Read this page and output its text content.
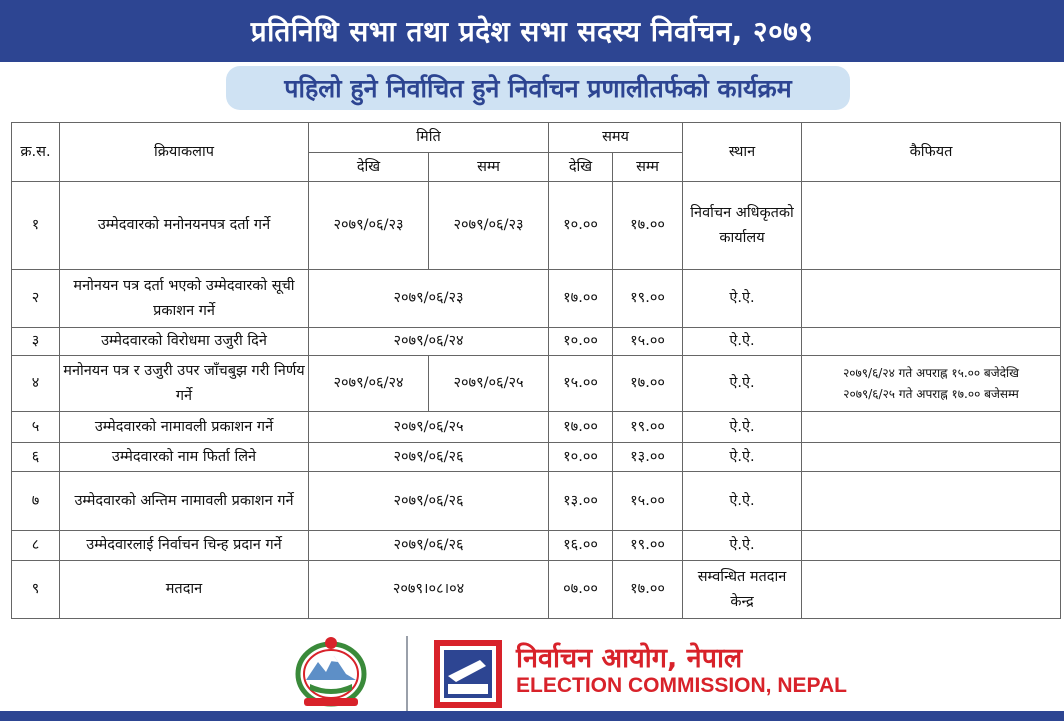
प्रतिनिधि सभा तथा प्रदेश सभा सदस्य निर्वाचन, २०७९
पहिलो हुने निर्वाचित हुने निर्वाचन प्रणालीतर्फको कार्यक्रम
क्र.स.	क्रियाकलाप	मिति		समय		स्थान	कैफियत
		देखि	सम्म	देखि	सम्म		
१	उम्मेदवारको मनोनयनपत्र दर्ता गर्ने	२०७९/०६/२३	२०७९/०६/२३	१०.००	१७.००	निर्वाचन अधिकृतको कार्यालय	
२	मनोनयन पत्र दर्ता भएको उम्मेदवारको सूची प्रकाशन गर्ने	२०७९/०६/२३		१७.००	१९.००	ऐ.ऐ.	
३	उम्मेदवारको विरोधमा उजुरी दिने	२०७९/०६/२४		१०.००	१५.००	ऐ.ऐ.	
४	मनोनयन पत्र र उजुरी उपर जाँचबुझ गरी निर्णय गर्ने	२०७९/०६/२४	२०७९/०६/२५	१५.००	१७.००	ऐ.ऐ.	२०७९/६/२४ गते अपराह्न १५.०० बजेदेखि
२०७९/६/२५ गते अपराह्न १७.०० बजेसम्म

५	उम्मेदवारको नामावली प्रकाशन गर्ने	२०७९/०६/२५		१७.००	१९.००	ऐ.ऐ.	
६	उम्मेदवारको नाम फिर्ता लिने	२०७९/०६/२६		१०.००	१३.००	ऐ.ऐ.	
७	उम्मेदवारको अन्तिम नामावली प्रकाशन गर्ने	२०७९/०६/२६		१३.००	१५.००	ऐ.ऐ.	
८	उम्मेदवारलाई निर्वाचन चिन्ह प्रदान गर्ने	२०७९/०६/२६		१६.००	१९.००	ऐ.ऐ.	
९	मतदान	२०७९।०८।०४		०७.००	१७.००	सम्वन्धित मतदान केन्द्र	
निर्वाचन आयोग, नेपाल
ELECTION COMMISSION, NEPAL
